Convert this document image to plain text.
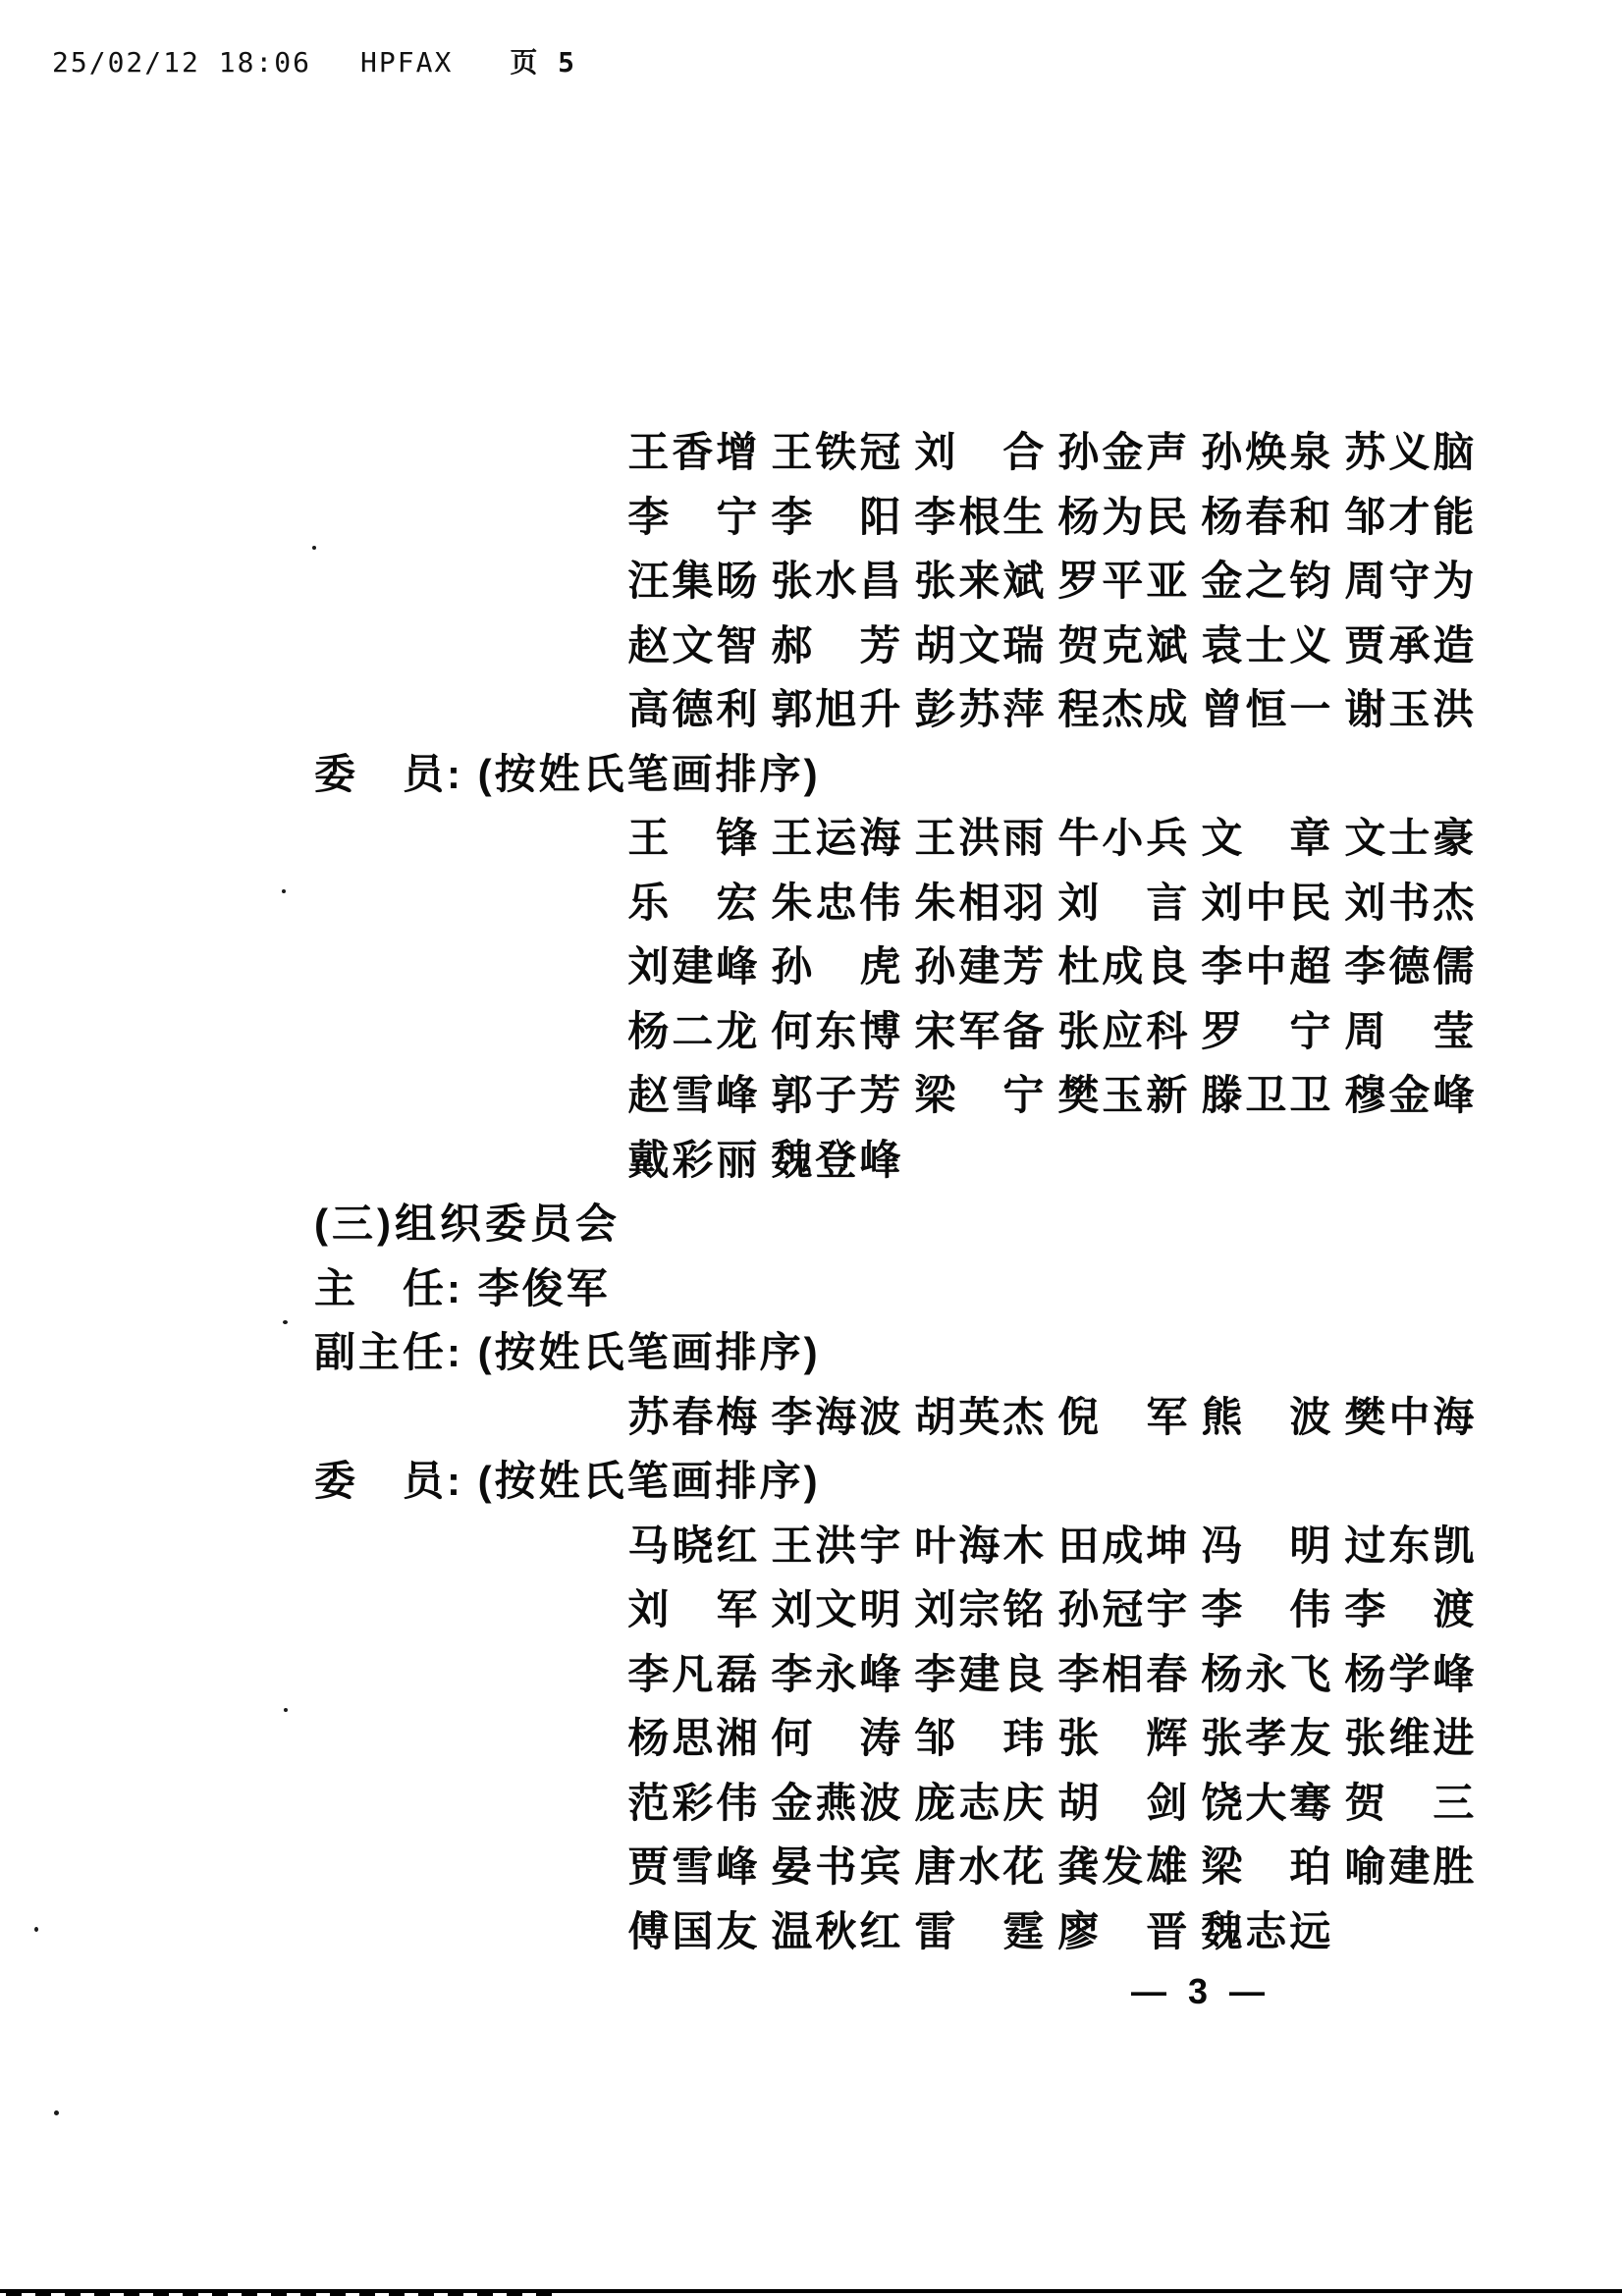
25/02/12 18:06 HPFAX 页 5
王香增 王铁冠 刘　合 孙金声 孙焕泉 苏义脑   李　宁 李　阳 李根生 杨为民 杨春和 邹才能   汪集旸 张水昌 张来斌 罗平亚 金之钧 周守为   赵文智 郝　芳 胡文瑞 贺克斌 袁士义 贾承造   高德利 郭旭升 彭苏萍 程杰成 曾恒一 谢玉洪
委　员: (按姓氏笔画排序)
王　锋 王运海 王洪雨 牛小兵 文　章 文士豪   乐　宏 朱忠伟 朱相羽 刘　言 刘中民 刘书杰   刘建峰 孙　虎 孙建芳 杜成良 李中超 李德儒   杨二龙 何东博 宋军备 张应科 罗　宁 周　莹   赵雪峰 郭子芳 梁　宁 樊玉新 滕卫卫 穆金峰   戴彩丽 魏登峰
(三)组织委员会
主　任: 李俊军
副主任: (按姓氏笔画排序)
苏春梅 李海波 胡英杰 倪　军 熊　波 樊中海
委　员: (按姓氏笔画排序)
马晓红 王洪宇 叶海木 田成坤 冯　明 过东凯   刘　军 刘文明 刘宗铭 孙冠宇 李　伟 李　渡   李凡磊 李永峰 李建良 李相春 杨永飞 杨学峰   杨思湘 何　涛 邹　玮 张　辉 张孝友 张维进   范彩伟 金燕波 庞志庆 胡　剑 饶大骞 贺　三   贾雪峰 晏书宾 唐水花 龚发雄 梁　珀 喻建胜   傅国友 温秋红 雷　霆 廖　晋 魏志远
— 3 —
